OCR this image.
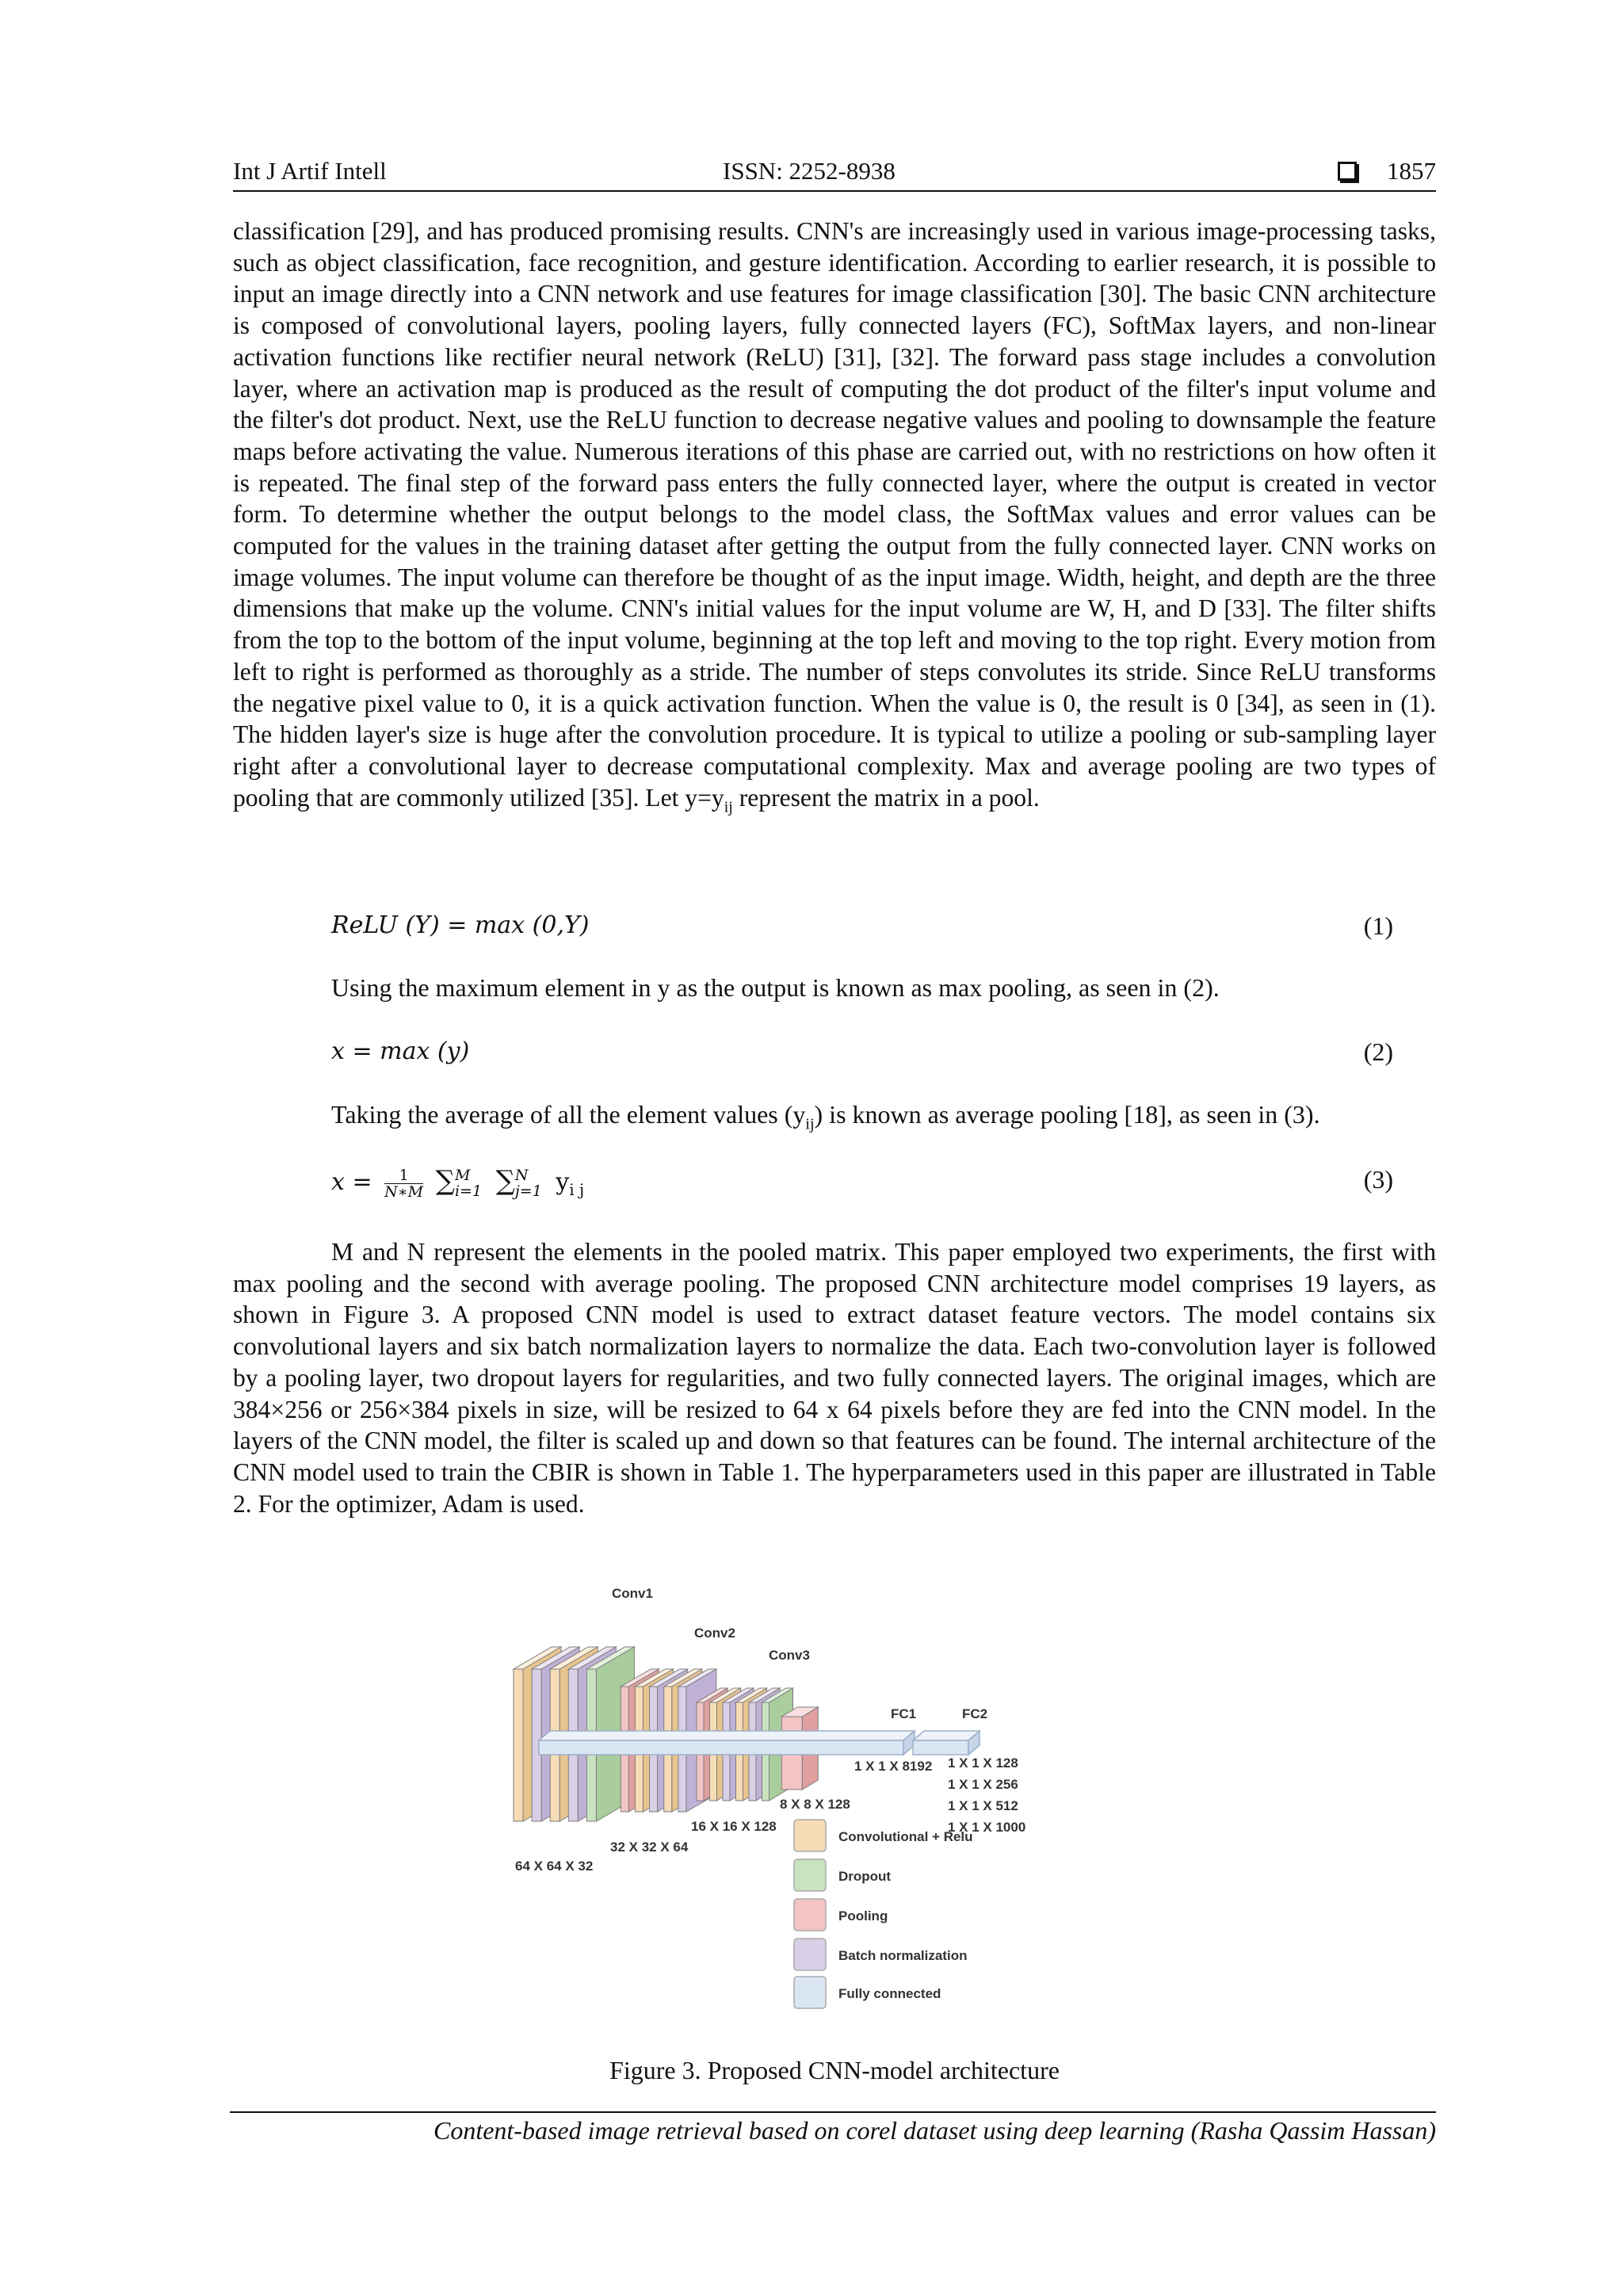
Int J Artif Intell	ISSN: 2252-8938	1857

classification [29], and has produced promising results. CNN's are increasingly used in various image-processing tasks, such as object classification, face recognition, and gesture identification. According to earlier research, it is possible to input an image directly into a CNN network and use features for image classification [30]. The basic CNN architecture is composed of convolutional layers, pooling layers, fully connected layers (FC), SoftMax layers, and non-linear activation functions like rectifier neural network (ReLU) [31], [32]. The forward pass stage includes a convolution layer, where an activation map is produced as the result of computing the dot product of the filter's input volume and the filter's dot product. Next, use the ReLU function to decrease negative values and pooling to downsample the feature maps before activating the value. Numerous iterations of this phase are carried out, with no restrictions on how often it is repeated. The final step of the forward pass enters the fully connected layer, where the output is created in vector form. To determine whether the output belongs to the model class, the SoftMax values and error values can be computed for the values in the training dataset after getting the output from the fully connected layer. CNN works on image volumes. The input volume can therefore be thought of as the input image. Width, height, and depth are the three dimensions that make up the volume. CNN's initial values for the input volume are W, H, and D [33]. The filter shifts from the top to the bottom of the input volume, beginning at the top left and moving to the top right. Every motion from left to right is performed as thoroughly as a stride. The number of steps convolutes its stride. Since ReLU transforms the negative pixel value to 0, it is a quick activation function. When the value is 0, the result is 0 [34], as seen in (1). The hidden layer's size is huge after the convolution procedure. It is typical to utilize a pooling or sub-sampling layer right after a convolutional layer to decrease computational complexity. Max and average pooling are two types of pooling that are commonly utilized [35]. Let $y=y_{ij}$ represent the matrix in a pool.

ReLU (Y) = max (0,Y)	(1)
Using the maximum element in y as the output is known as max pooling, as seen in (2).
x = max (y)	(2)
Taking the average of all the element values $(y_{ij})$ is known as average pooling [18], as seen in (3).
$x = \frac{1}{N∗M}$ ∑ M
i=1 ∑ N
j=1 $y_{i j}$	(3)
M and N represent the elements in the pooled matrix. This paper employed two experiments, the first with max pooling and the second with average pooling. The proposed CNN architecture model comprises 19 layers, as shown in Figure 3. A proposed CNN model is used to extract dataset feature vectors. The model contains six convolutional layers and six batch normalization layers to normalize the data. Each two-convolution layer is followed by a pooling layer, two dropout layers for regularities, and two fully connected layers. The original images, which are 384×256 or 256×384 pixels in size, will be resized to 64 x 64 pixels before they are fed into the CNN model. In the layers of the CNN model, the filter is scaled up and down so that features can be found. The internal architecture of the CNN model used to train the CBIR is shown in Table 1. The hyperparameters used in this paper are illustrated in Table 2. For the optimizer, Adam is used.
Conv1
Conv2
Conv3
FC1	FC2
64 X 64 X 32
32 X 32 X 64
16 X 16 X 128
8 X 8 X 128
1 X 1 X 8192 1 X 1 X 128
1 X 1 X 256
1 X 1 X 512
1 X 1 X 1000
Convolutional + Relu
Dropout
Pooling
Batch normalization
Fully connected
Figure 3. Proposed CNN-model architecture
Content-based image retrieval based on corel dataset using deep learning (Rasha Qassim Hassan)
